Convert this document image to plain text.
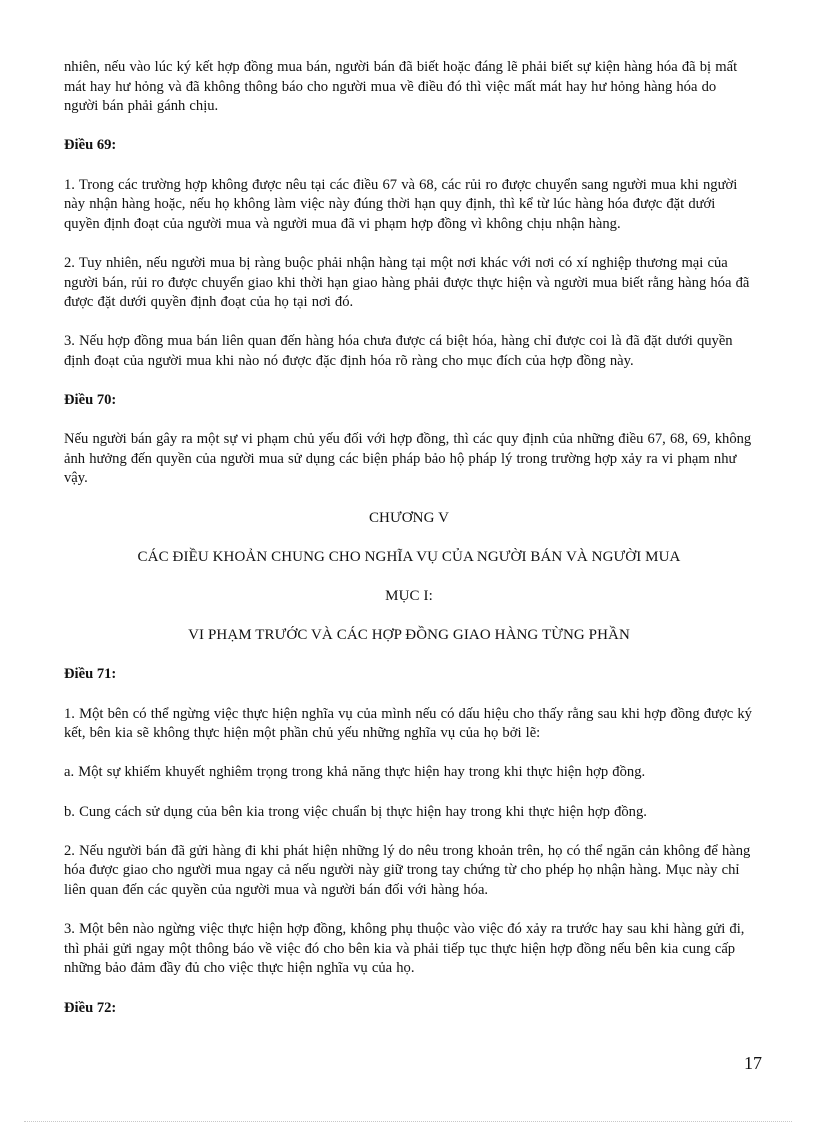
nhiên, nếu vào lúc ký kết hợp đồng mua bán, người bán đã biết hoặc đáng lẽ phải biết sự kiện hàng hóa đã bị mất mát hay hư hỏng và đã không thông báo cho người mua về điều đó thì việc mất mát hay hư hỏng hàng hóa do người bán phải gánh chịu.

Điều 69:

1. Trong các trường hợp không được nêu tại các điều 67 và 68, các rủi ro được chuyển sang người mua khi người này nhận hàng hoặc, nếu họ không làm việc này đúng thời hạn quy định, thì kể từ lúc hàng hóa được đặt dưới quyền định đoạt của người mua và người mua đã vi phạm hợp đồng vì không chịu nhận hàng.

2. Tuy nhiên, nếu người mua bị ràng buộc phải nhận hàng tại một nơi khác với nơi có xí nghiệp thương mại của người bán, rủi ro được chuyển giao khi thời hạn giao hàng phải được thực hiện và người mua biết rằng hàng hóa đã được đặt dưới quyền định đoạt của họ tại nơi đó.

3. Nếu hợp đồng mua bán liên quan đến hàng hóa chưa được cá biệt hóa, hàng chỉ được coi là đã đặt dưới quyền định đoạt của người mua khi nào nó được đặc định hóa rõ ràng cho mục đích của hợp đồng này.

Điều 70:

Nếu người bán gây ra một sự vi phạm chủ yếu đối với hợp đồng, thì các quy định của những điều 67, 68, 69, không ảnh hưởng đến quyền của người mua sử dụng các biện pháp bảo hộ pháp lý trong trường hợp xảy ra vi phạm như vậy.

CHƯƠNG V

CÁC ĐIỀU KHOẢN CHUNG CHO NGHĨA VỤ CỦA NGƯỜI BÁN VÀ NGƯỜI MUA

MỤC I:

VI PHẠM TRƯỚC VÀ CÁC HỢP ĐỒNG GIAO HÀNG TỪNG PHẦN

Điều 71:

1. Một bên có thể ngừng việc thực hiện nghĩa vụ của mình nếu có dấu hiệu cho thấy rằng sau khi hợp đồng được ký kết, bên kia sẽ không thực hiện một phần chủ yếu những nghĩa vụ của họ bởi lẽ:

a. Một sự khiếm khuyết nghiêm trọng trong khả năng thực hiện hay trong khi thực hiện hợp đồng.

b. Cung cách sử dụng của bên kia trong việc chuẩn bị thực hiện hay trong khi thực hiện hợp đồng.

2. Nếu người bán đã gửi hàng đi khi phát hiện những lý do nêu trong khoản trên, họ có thể ngăn cản không để hàng hóa được giao cho người mua ngay cả nếu người này giữ trong tay chứng từ cho phép họ nhận hàng. Mục này chỉ liên quan đến các quyền của người mua và người bán đối với hàng hóa.

3. Một bên nào ngừng việc thực hiện hợp đồng, không phụ thuộc vào việc đó xảy ra trước hay sau khi hàng gửi đi, thì phải gửi ngay một thông báo về việc đó cho bên kia và phải tiếp tục thực hiện hợp đồng nếu bên kia cung cấp những bảo đảm đầy đủ cho việc thực hiện nghĩa vụ của họ.

Điều 72:

17
